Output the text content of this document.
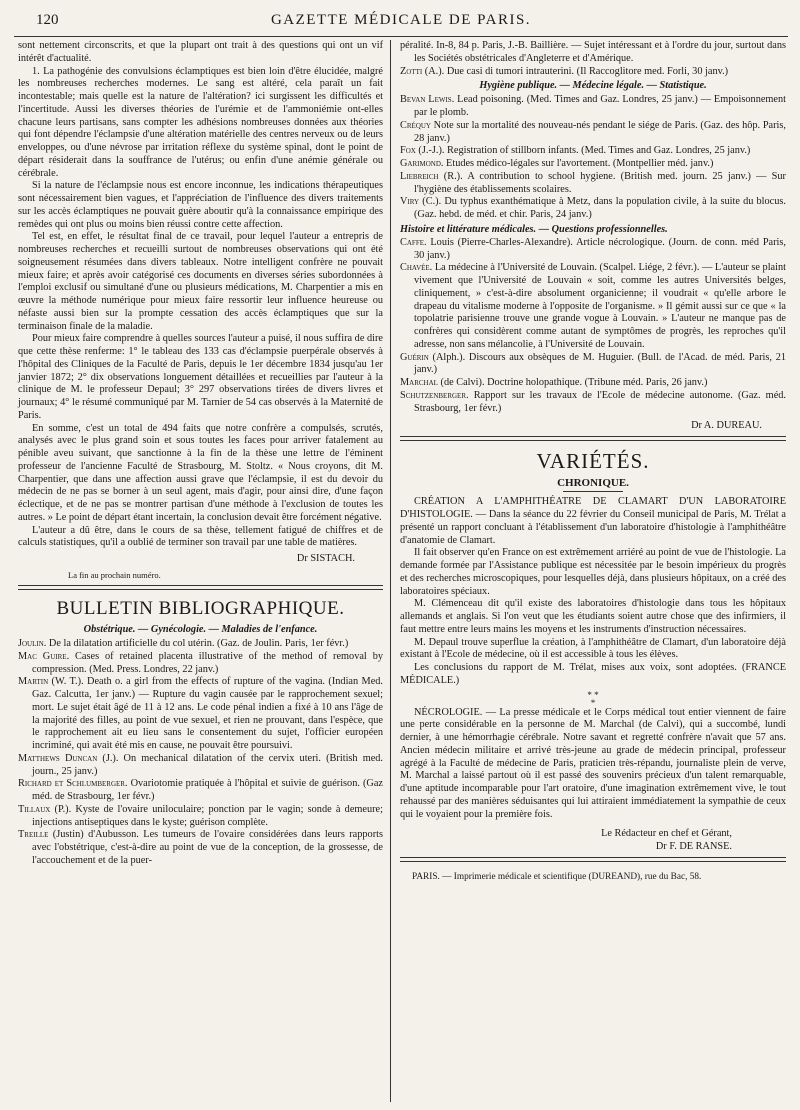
120	GAZETTE MÉDICALE DE PARIS.

sont nettement circonscrits, et que la plupart ont trait à des questions qui ont un vif intérêt d'actualité.

1. La pathogénie des convulsions éclamptiques est bien loin d'être élucidée, malgré les nombreuses recherches modernes. Le sang est altéré, cela paraît un fait incontestable; mais quelle est la nature de l'altération? ici surgissent les difficultés et l'incertitude. Aussi les diverses théories de l'urémie et de l'ammoniémie ont-elles chacune leurs partisans, sans compter les adhésions nombreuses données aux théories qui font dépendre l'éclampsie d'une altération matérielle des centres nerveux ou de leurs enveloppes, ou d'une névrose par irritation réflexe du système spinal, dont le point de départ résiderait dans la souffrance de l'utérus; ou enfin d'une anémie générale ou cérébrale.

Si la nature de l'éclampsie nous est encore inconnue, les indications thérapeutiques sont nécessairement bien vagues, et l'appréciation de l'influence des divers traitements sur les accès éclamptiques ne pouvait guère aboutir qu'à la connaissance empirique des remèdes qui ont plus ou moins bien réussi contre cette affection.

Tel est, en effet, le résultat final de ce travail, pour lequel l'auteur a entrepris de nombreuses recherches et recueilli surtout de nombreuses observations qui ont été soigneusement résumées dans divers tableaux. Notre intelligent confrère ne pouvait mieux faire; et après avoir catégorisé ces documents en diverses séries subordonnées à l'emploi exclusif ou simultané d'une ou plusieurs médications, M. Charpentier a mis en œuvre la méthode numérique pour mieux faire ressortir leur influence heureuse ou néfaste aussi bien sur la prompte cessation des accès éclamptiques que sur la terminaison finale de la maladie.

Pour mieux faire comprendre à quelles sources l'auteur a puisé, il nous suffira de dire que cette thèse renferme: 1° le tableau des 133 cas d'éclampsie puerpérale observés à l'hôpital des Cliniques de la Faculté de Paris, depuis le 1er décembre 1834 jusqu'au 1er janvier 1872; 2° dix observations longuement détaillées et recueillies par l'auteur à la clinique de M. le professeur Depaul; 3° 297 observations tirées de divers livres et journaux; 4° le résumé communiqué par M. Tarnier de 54 cas observés à la Maternité de Paris.

En somme, c'est un total de 494 faits que notre confrère a compulsés, scrutés, analysés avec le plus grand soin et sous toutes les faces pour arriver fatalement au pénible aveu suivant, que sanctionne à la fin de la thèse une lettre de l'éminent professeur de l'ancienne Faculté de Strasbourg, M. Stoltz. « Nous croyons, dit M. Charpentier, que dans une affection aussi grave que l'éclampsie, il est du devoir du médecin de ne pas se borner à un seul agent, mais d'agir, pour ainsi dire, d'une façon éclectique, et de ne pas se montrer partisan d'une méthode à l'exclusion de toutes les autres. » Le point de départ étant incertain, la conclusion devait être forcément négative.

L'auteur a dû être, dans le cours de sa thèse, tellement fatigué de chiffres et de calculs statistiques, qu'il a oublié de terminer son travail par une table de matières.

Dr SISTACH.
La fin au prochain numéro.
BULLETIN BIBLIOGRAPHIQUE.
Obstétrique. — Gynécologie. — Maladies de l'enfance.

Joulin. De la dilatation artificielle du col utérin. (Gaz. de Joulin. Paris, 1er févr.)

Mac Guire. Cases of retained placenta illustrative of the method of removal by compression. (Med. Press. Londres, 22 janv.)

Martin (W. T.). Death o. a girl from the effects of rupture of the vagina. (Indian Med. Gaz. Calcutta, 1er janv.) — Rupture du vagin causée par le rapprochement sexuel; mort. Le sujet était âgé de 11 à 12 ans. Le code pénal indien a fixé à 10 ans l'âge de la majorité des filles, au point de vue sexuel, et rien ne prouvant, dans l'espèce, que le rapprochement ait eu lieu sans le consentement du sujet, l'officier européen incriminé, qui avait été mis en cause, ne pouvait être poursuivi.

Matthews Duncan (J.). On mechanical dilatation of the cervix uteri. (British med. journ., 25 janv.)

Richard et Schlumberger. Ovariotomie pratiquée à l'hôpital et suivie de guérison. (Gaz méd. de Strasbourg, 1er févr.)

Tillaux (P.). Kyste de l'ovaire uniloculaire; ponction par le vagin; sonde à demeure; injections antiseptiques dans le kyste; guérison complète.

Treille (Justin) d'Aubusson. Les tumeurs de l'ovaire considérées dans leurs rapports avec l'obstétrique, c'est-à-dire au point de vue de la conception, de la grossesse, de l'accouchement et de la puer-

péralité. In-8, 84 p. Paris, J.-B. Baillière. — Sujet intéressant et à l'ordre du jour, surtout dans les Sociétés obstétricales d'Angleterre et d'Amérique.

Zotti (A.). Due casi di tumori intrauterini. (Il Raccoglitore med. Forli, 30 janv.)

Hygiène publique. — Médecine légale. — Statistique.

Bevan Lewis. Lead poisoning. (Med. Times and Gaz. Londres, 25 janv.) — Empoisonnement par le plomb.

Créquy Note sur la mortalité des nouveau-nés pendant le siége de Paris. (Gaz. des hôp. Paris, 28 janv.)

Fox (J.-J.). Registration of stillborn infants. (Med. Times and Gaz. Londres, 25 janv.)

Garimond. Etudes médico-légales sur l'avortement. (Montpellier méd. janv.)

Liebreich (R.). A contribution to school hygiene. (British med. journ. 25 janv.) — Sur l'hygiène des établissements scolaires.

Viry (C.). Du typhus exanthématique à Metz, dans la population civile, à la suite du blocus. (Gaz. hebd. de méd. et chir. Paris, 24 janv.)

Histoire et littérature médicales. — Questions professionnelles.

Caffe. Louis (Pierre-Charles-Alexandre). Article nécrologique. (Journ. de conn. méd Paris, 30 janv.)

Chavée. La médecine à l'Université de Louvain. (Scalpel. Liége, 2 févr.). — L'auteur se plaint vivement que l'Université de Louvain « soit, comme les autres Universités belges, cliniquement, » c'est-à-dire absolument organicienne; il voudrait « qu'elle arbore le drapeau du vitalisme moderne à l'opposite de l'organisme. » Il gémit aussi sur ce que « la topolatrie parisienne trouve une grande vogue à Louvain. » L'auteur ne manque pas de confrères qui considèrent comme autant de symptômes de progrès, les reproches qu'il adresse, non sans mélancolie, à l'Université de Louvain.

Guérin (Alph.). Discours aux obsèques de M. Huguier. (Bull. de l'Acad. de méd. Paris, 21 janv.)

Marchal (de Calvi). Doctrine holopathique. (Tribune méd. Paris, 26 janv.)

Schutzenberger. Rapport sur les travaux de l'Ecole de médecine autonome. (Gaz. méd. Strasbourg, 1er févr.)

Dr A. DUREAU.
VARIÉTÉS.
CHRONIQUE.

CRÉATION A L'AMPHITHÉATRE DE CLAMART D'UN LABORATOIRE D'HISTOLOGIE. — Dans la séance du 22 février du Conseil municipal de Paris, M. Trélat a présenté un rapport concluant à l'établissement d'un laboratoire d'histologie à l'amphithéâtre d'anatomie de Clamart.

Il fait observer qu'en France on est extrêmement arriéré au point de vue de l'histologie. La demande formée par l'Assistance publique est nécessitée par le besoin impérieux du progrès et des recherches microscopiques, pour lesquelles déjà, dans plusieurs hôpitaux, on a créé des laboratoires spéciaux.

M. Clémenceau dit qu'il existe des laboratoires d'histologie dans tous les hôpitaux allemands et anglais. Si l'on veut que les étudiants soient autre chose que des infirmiers, il faut mettre entre leurs mains les moyens et les instruments d'instruction nécessaires.

M. Depaul trouve superflue la création, à l'amphithéâtre de Clamart, d'un laboratoire déjà existant à l'Ecole de médecine, où il est accessible à tous les élèves.

Les conclusions du rapport de M. Trélat, mises aux voix, sont adoptées. (FRANCE MÉDICALE.)

* *
*

NÉCROLOGIE. — La presse médicale et le Corps médical tout entier viennent de faire une perte considérable en la personne de M. Marchal (de Calvi), qui a succombé, lundi dernier, à une hémorrhagie cérébrale. Notre savant et regretté confrère n'avait que 57 ans. Ancien médecin militaire et arrivé très-jeune au grade de médecin principal, professeur agrégé à la Faculté de médecine de Paris, praticien très-répandu, journaliste plein de verve, M. Marchal a laissé partout où il est passé des souvenirs précieux d'un talent remarquable, d'une aptitude incomparable pour l'art oratoire, d'une imagination extrêmement vive, le tout rehaussé par des manières séduisantes qui lui attiraient immédiatement la sympathie de ceux qui le voyaient pour la première fois.

Le Rédacteur en chef et Gérant,
Dr F. DE RANSE.
PARIS. — Imprimerie médicale et scientifique (DUREAND), rue du Bac, 58.
